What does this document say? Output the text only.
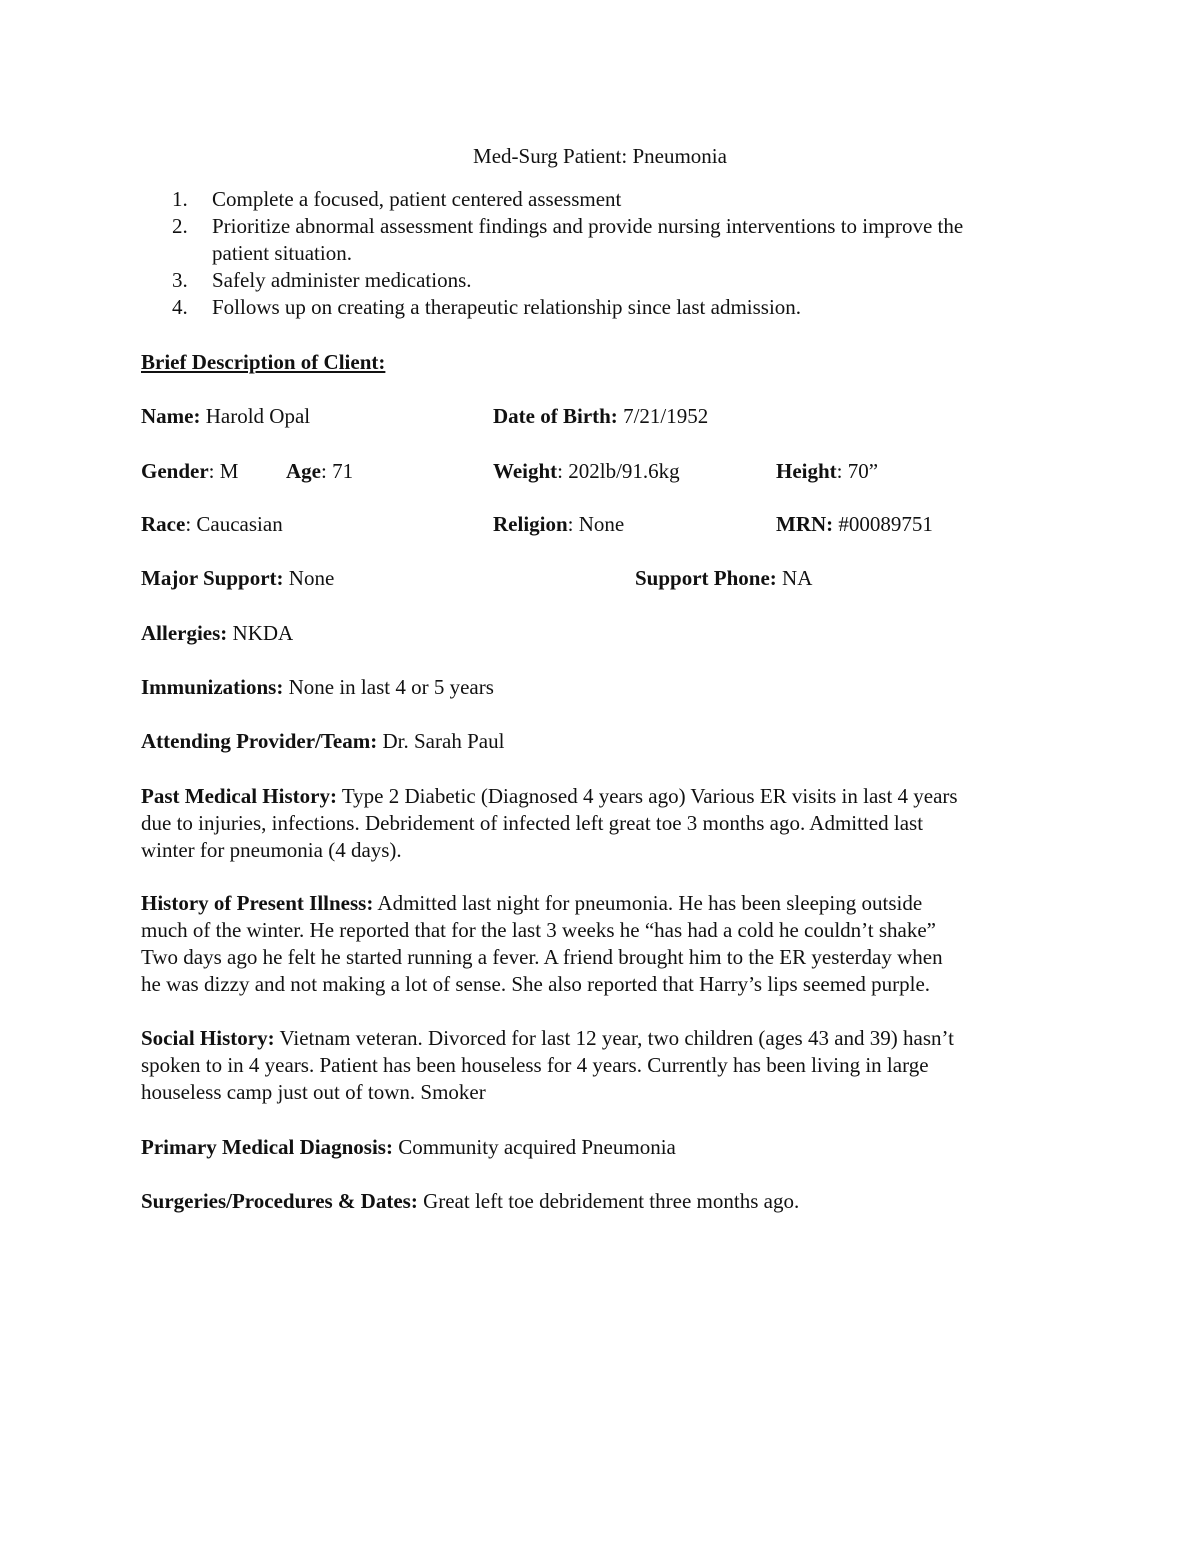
Med-Surg Patient: Pneumonia
1. Complete a focused, patient centered assessment
2. Prioritize abnormal assessment findings and provide nursing interventions to improve the
patient situation.
3. Safely administer medications.
4. Follows up on creating a therapeutic relationship since last admission.
Brief Description of Client:
Name: Harold Opal	Date of Birth: 7/21/1952
Gender: M Age: 71	Weight: 202lb/91.6kg	Height: 70”
Race: Caucasian	Religion: None	MRN: #00089751
Major Support: None	Support Phone: NA
Allergies: NKDA
Immunizations: None in last 4 or 5 years
Attending Provider/Team: Dr. Sarah Paul
Past Medical History: Type 2 Diabetic (Diagnosed 4 years ago) Various ER visits in last 4 years
due to injuries, infections. Debridement of infected left great toe 3 months ago. Admitted last
winter for pneumonia (4 days).
History of Present Illness: Admitted last night for pneumonia. He has been sleeping outside
much of the winter. He reported that for the last 3 weeks he “has had a cold he couldn’t shake”
Two days ago he felt he started running a fever. A friend brought him to the ER yesterday when
he was dizzy and not making a lot of sense. She also reported that Harry’s lips seemed purple.
Social History: Vietnam veteran. Divorced for last 12 year, two children (ages 43 and 39) hasn’t
spoken to in 4 years. Patient has been houseless for 4 years. Currently has been living in large
houseless camp just out of town. Smoker
Primary Medical Diagnosis: Community acquired Pneumonia
Surgeries/Procedures & Dates: Great left toe debridement three months ago.
